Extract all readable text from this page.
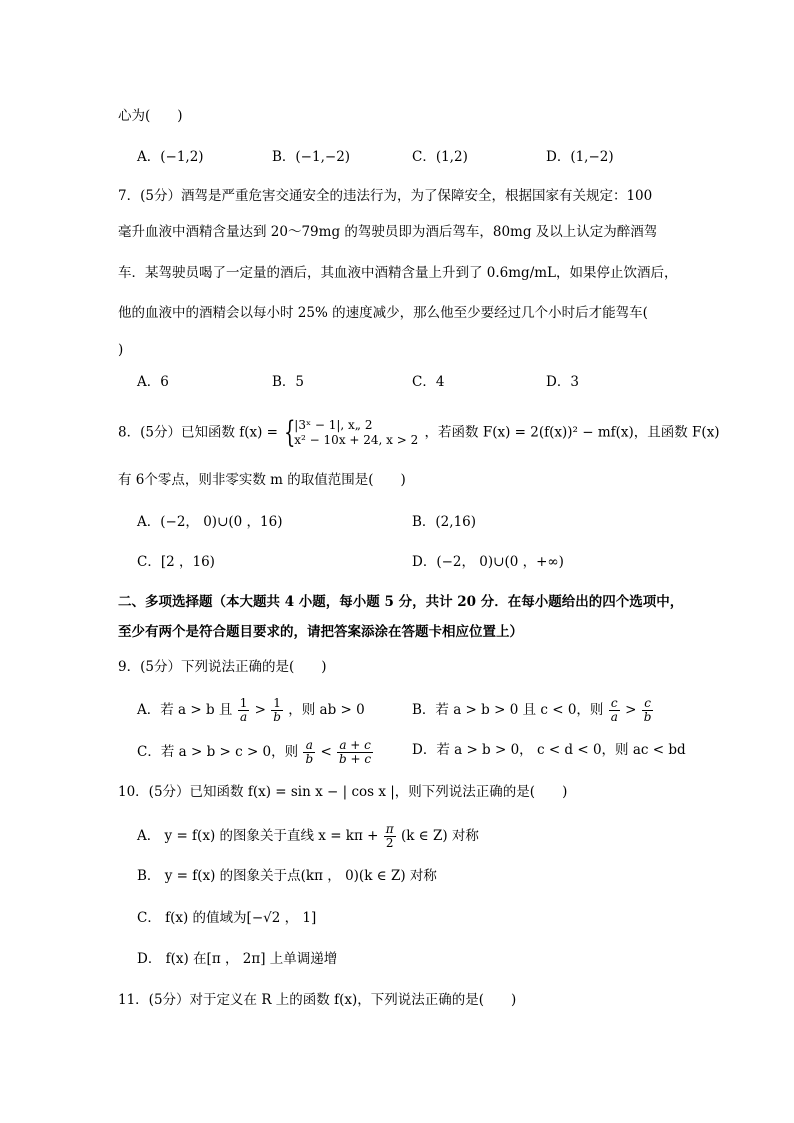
心为(　　)
A．(−1,2)	B．(−1,−2)	C．(1,2)	D．(1,−2)
7．(5分）酒驾是严重危害交通安全的违法行为，为了保障安全，根据国家有关规定：100
毫升血液中酒精含量达到 20～79mg 的驾驶员即为酒后驾车，80mg 及以上认定为醉酒驾
车．某驾驶员喝了一定量的酒后，其血液中酒精含量上升到了 0.6mg/mL，如果停止饮酒后，
他的血液中的酒精会以每小时 25% 的速度减少，那么他至少要经过几个小时后才能驾车(
)
A．6	B．5	C．4	D．3
8．(5分）已知函数 f(x) = {
|3ˣ − 1|, x„ 2
x² − 10x + 24, x > 2 ，若函数 F(x) = 2(f(x))² − mf(x)，且函数 F(x)
有 6个零点，则非零实数 m 的取值范围是(　　)
A．(−2， 0)∪(0 ，16)	B．(2,16)
C．[2 ，16)	D．(−2， 0)∪(0 ，+∞)
二、多项选择题（本大题共 4 小题，每小题 5 分，共计 20 分．在每小题给出的四个选项中，
至少有两个是符合题目要求的，请把答案添涂在答题卡相应位置上）
9．(5分）下列说法正确的是(　　)
A．若 a > b 且 $\frac{1}{a} > \frac{1}{b}$ ，则 ab > 0	B．若 a > b > 0 且 c < 0，则 $\frac{c}{a} > \frac{c}{b}$
C．若 a > b > c > 0，则 $\frac{a}{b} < \frac{a + c}{b + c}$	D．若 a > b > 0， c < d < 0，则 ac < bd
10．(5分）已知函数 f(x) = sin x − | cos x |，则下列说法正确的是(　　)
A． y = f(x) 的图象关于直线 $x = k\pi + \frac{\pi}{2} (k$ ∈ Z) 对称
B． y = f(x) 的图象关于点(kπ ， 0)(k ∈ Z) 对称
C． f(x) 的值域为[−√2 ， 1]
D． f(x) 在[π ， 2π] 上单调递增
11．(5分）对于定义在 R 上的函数 f(x)，下列说法正确的是(　　)
